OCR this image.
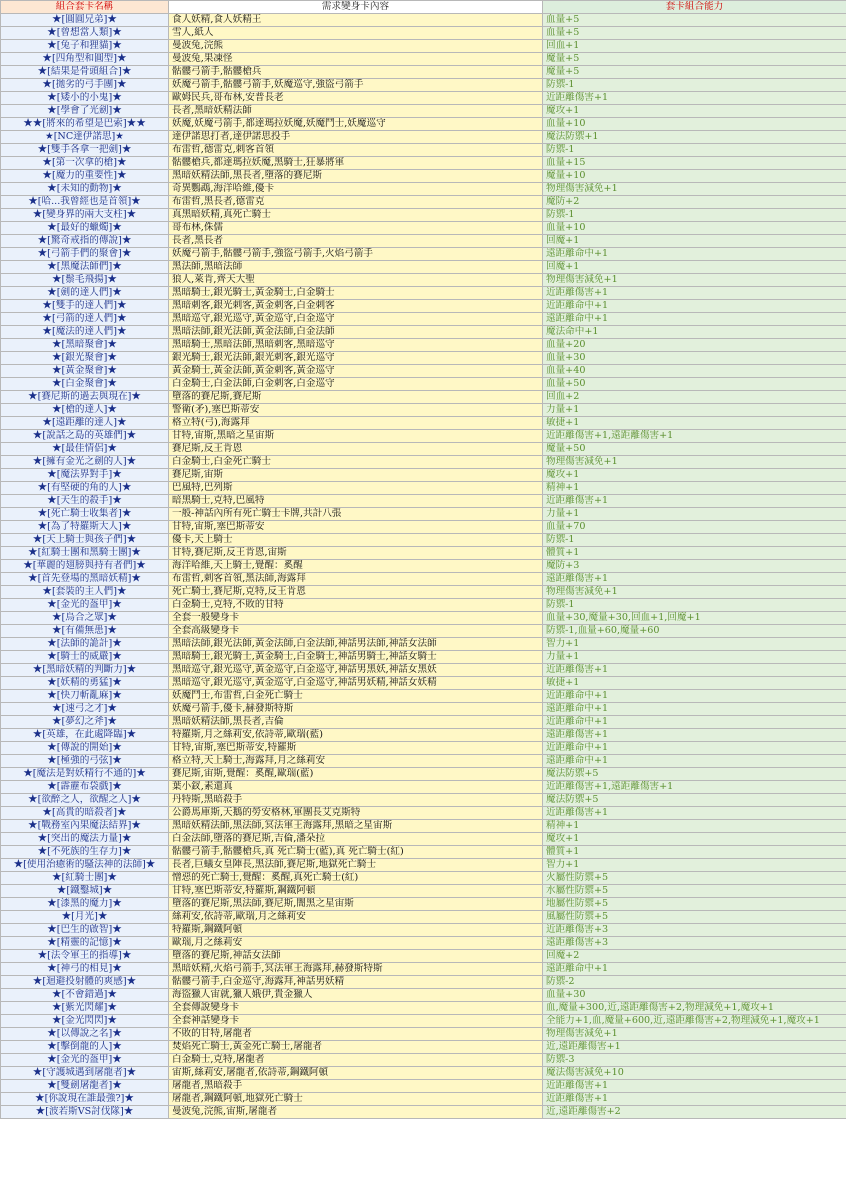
組合套卡名稱	需求變身卡內容	套卡組合能力
★[圓圓兄弟]★	食人妖精,食人妖精王	血量+5
★[曾想當人類]★	雪人,紙人	血量+5
★[兔子和狸貓]★	曼波兔,浣熊	回血+1
★[四角型和圓型]★	曼波兔,果凍怪	魔量+5
★[結果是骨頭組合]★	骷髏弓箭手,骷髏槍兵	魔量+5
★[拋劣的弓手團]★	妖魔弓箭手,骷髏弓箭手,妖魔巡守,強盜弓箭手	防禦-1
★[矮小的小鬼]★	歐姆民兵,哥布林,安普長老	近距離傷害+1
★[學會了光劍]★	長者,黑暗妖精法師	魔攻+1
★★[將來的希望是巴索]★★	妖魔,妖魔弓箭手,都達瑪拉妖魔,妖魔鬥士,妖魔巡守	血量+10
★[NC達伊諾思]★	達伊諾思打者,達伊諾思投手	魔法防禦+1
★[雙手各拿一把劍]★	布雷哲,德雷克,刺客首領	防禦-1
★[第一次拿的槍]★	骷髏槍兵,都達瑪拉妖魔,黑騎士,狂暴將軍	血量+15
★[魔力的重要性]★	黑暗妖精法師,黑長者,墮落的賽尼斯	魔量+10
★[未知的動物]★	奇異鸚鵡,海洋哈維,優卡	物理傷害減免+1
★[哈...我曾經也是首領]★	布雷哲,黑長者,德雷克	魔防+2
★[變身界的兩大支柱]★	真黑暗妖精,真死亡騎士	防禦-1
★[最好的蠟燭]★	哥布林,侏儒	血量+10
★[驚奇戒指的傳說]★	長者,黑長者	回魔+1
★[弓箭手們的聚會]★	妖魔弓箭手,骷髏弓箭手,強盜弓箭手,火焰弓箭手	遠距離命中+1
★[黑魔法師們]★	黑法師,黑暗法師	回魔+1
★[鬃毛飛揚]★	狼人,萊肯,齊天大聖	物理傷害減免+1
★[劍的達人們]★	黑暗騎士,銀光騎士,黃金騎士,白金騎士	近距離傷害+1
★[雙手的達人們]★	黑暗刺客,銀光刺客,黃金刺客,白金刺客	近距離命中+1
★[弓箭的達人們]★	黑暗巡守,銀光巡守,黃金巡守,白金巡守	遠距離命中+1
★[魔法的達人們]★	黑暗法師,銀光法師,黃金法師,白金法師	魔法命中+1
★[黑暗聚會]★	黑暗騎士,黑暗法師,黑暗刺客,黑暗巡守	血量+20
★[銀光聚會]★	銀光騎士,銀光法師,銀光刺客,銀光巡守	血量+30
★[黃金聚會]★	黃金騎士,黃金法師,黃金刺客,黃金巡守	血量+40
★[白金聚會]★	白金騎士,白金法師,白金刺客,白金巡守	血量+50
★[賽尼斯的過去與現在]★	墮落的賽尼斯,賽尼斯	回血+2
★[槍的達人]★	警衛(矛),塞巴斯蒂安	力量+1
★[遠距離的達人]★	格立特(弓),海露拜	敏捷+1
★[說話之島的英雄們]★	甘特,宙斯,黑暗之星宙斯	近距離傷害+1,遠距離傷害+1
★[最佳情侶]★	賽尼斯,反王肯恩	魔量+50
★[擁有金光之劍的人]★	白金騎士,白金死亡騎士	物理傷害減免+1
★[魔法界對手]★	賽尼斯,宙斯	魔攻+1
★[有堅硬的角的人]★	巴風特,巴列斯	精神+1
★[天生的殺手]★	暗黑騎士,克特,巴風特	近距離傷害+1
★[死亡騎士收集者]★	一般-神話內所有死亡騎士卡牌,共計八張	力量+1
★[為了特羅斯大人]★	甘特,宙斯,塞巴斯蒂安	血量+70
★[天上騎士與孩子們]★	優卡,天上騎士	防禦-1
★[紅騎士團和黑騎士團]★	甘特,賽尼斯,反王肯恩,宙斯	體質+1
★[華麗的翅膀與持有者們]★	海洋哈維,天上騎士,覺醒：奚醒	魔防+3
★[首先登場的黑暗妖精]★	布雷哲,刺客首領,黑法師,海露拜	遠距離傷害+1
★[套裝的主人們]★	死亡騎士,賽尼斯,克特,反王肯恩	物理傷害減免+1
★[金光的盔甲]★	白金騎士,克特,不敗的甘特	防禦-1
★[烏合之眾]★	全套一般變身卡	血量+30,魔量+30,回血+1,回魔+1
★[有備無患]★	全套高級變身卡	防禦-1,血量+60,魔量+60
★[法師的詭計]★	黑暗法師,銀光法師,黃金法師,白金法師,神話男法師,神話女法師	智力+1
★[騎士的威嚴]★	黑暗騎士,銀光騎士,黃金騎士,白金騎士,神話男騎士,神話女騎士	力量+1
★[黑暗妖精的判斷力]★	黑暗巡守,銀光巡守,黃金巡守,白金巡守,神話男黑妖,神話女黑妖	近距離傷害+1
★[妖精的勇猛]★	黑暗巡守,銀光巡守,黃金巡守,白金巡守,神話男妖精,神話女妖精	敏捷+1
★[快刀斬亂麻]★	妖魔鬥士,布雷哲,白金死亡騎士	近距離命中+1
★[速弓之才]★	妖魔弓箭手,優卡,赫發斯特斯	遠距離命中+1
★[夢幻之斧]★	黑暗妖精法師,黑長者,吉倫	近距離命中+1
★[英雄，在此處降臨]★	特羅斯,月之絲莉安,依詩蒂,歐瑞(藍)	遠距離傷害+1
★[傳說的開始]★	甘特,宙斯,塞巴斯蒂安,特羅斯	近距離命中+1
★[極強的弓弦]★	格立特,天上騎士,海露拜,月之絲莉安	遠距離命中+1
★[魔法是對妖精行不通的]★	賽尼斯,宙斯,覺醒：奚醒,歐瑞(藍)	魔法防禦+5
★[霹靂布袋戲]★	葉小釵,素還真	近距離傷害+1,遠距離傷害+1
★[欲醉之人，欲醒之人]★	丹特斯,黑暗殺手	魔法防禦+5
★[高貴的暗殺者]★	公爵馬庫斯,天鵝的勞安格林,軍團長艾克斯特	近距離傷害+1
★[戰務室內果魔法結界]★	黑暗妖精法師,黑法師,冥法軍王海露拜,黑暗之星宙斯	精神+1
★[突出的魔法力量]★	白金法師,墮落的賽尼斯,吉倫,潘朵拉	魔攻+1
★[不死族的生存力]★	骷髏弓箭手,骷髏槍兵,真 死亡騎士(藍),真 死亡騎士(紅)	體質+1
★[使用治癒術的騷法神的法師]★	長者,巨蟻女皇陣長,黑法師,賽尼斯,地獄死亡騎士	智力+1
★[紅騎士團]★	憎惡的死亡騎士,覺醒：奚醒,真死亡騎士(紅)	火屬性防禦+5
★[鐵鑿城]★	甘特,塞巴斯蒂安,特羅斯,鋼鐵阿頓	水屬性防禦+5
★[漆黑的魔力]★	墮落的賽尼斯,黑法師,賽尼斯,闇黑之星宙斯	地屬性防禦+5
★[月光]★	絲莉安,依詩蒂,歐瑞,月之絲莉安	風屬性防禦+5
★[巴生的啟智]★	特羅斯,鋼鐵阿頓	近距離傷害+3
★[精靈的記憶]★	歐瑞,月之絲莉安	遠距離傷害+3
★[法令軍王的指導]★	墮落的賽尼斯,神話女法師	回魔+2
★[神弓的相見]★	黑暗妖精,火焰弓箭手,冥法軍王海露拜,赫發斯特斯	遠距離命中+1
★[迴避投射體的爽感]★	骷髏弓箭手,白金巡守,海露拜,神話男妖精	防禦-2
★[不會錯過]★	海盜獵人宙就,獵人娥伊,貴金獵人	血量+30
★[紫光閃耀]★	全套傳說變身卡	血,魔量+300,近,遠距離傷害+2,物理減免+1,魔攻+1
★[金光閃閃]★	全套神話變身卡	全能力+1,血,魔量+600,近,遠距離傷害+2,物理減免+1,魔攻+1
★[以傳說之名]★	不敗的甘特,屠龍者	物理傷害減免+1
★[擊倒龍的人]★	焚焰死亡騎士,黃金死亡騎士,屠龍者	近,遠距離傷害+1
★[金光的盔甲]★	白金騎士,克特,屠龍者	防禦-3
★[守護城遇到屠龍者]★	宙斯,絲莉安,屠龍者,依詩蒂,鋼鐵阿頓	魔法傷害減免+10
★[雙劍屠龍者]★	屠龍者,黑暗殺手	近距離傷害+1
★[你說現在誰最強?]★	屠龍者,鋼鐵阿頓,地獄死亡騎士	近距離傷害+1
★[波若斯VS討伐隊]★	曼波兔,浣熊,宙斯,屠龍者	近,遠距離傷害+2
